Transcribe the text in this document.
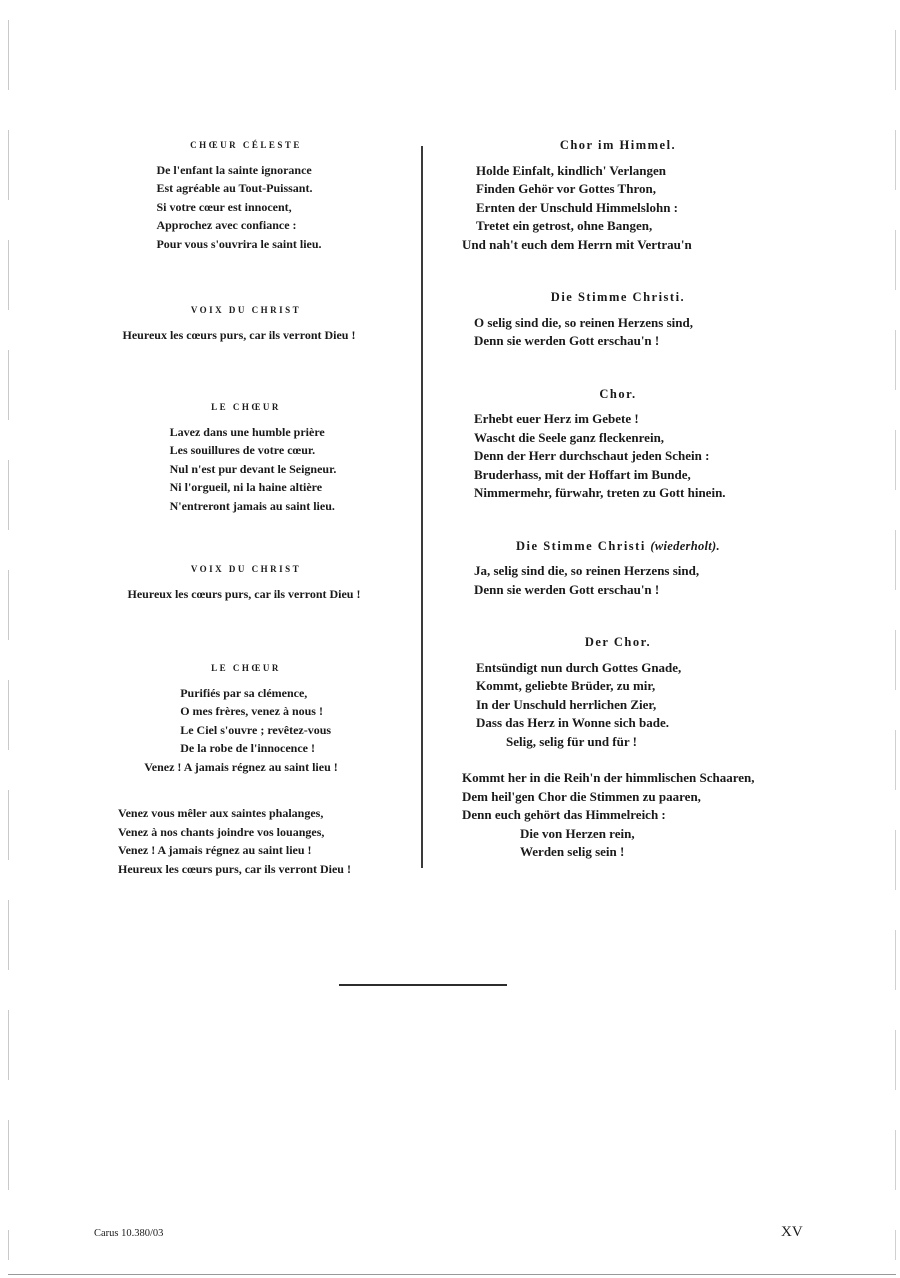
CHŒUR CÉLESTE
De l'enfant la sainte ignorance
Est agréable au Tout-Puissant.
Si votre cœur est innocent,
Approchez avec confiance :
Pour vous s'ouvrira le saint lieu.
VOIX DU CHRIST
Heureux les cœurs purs, car ils verront Dieu !
LE CHŒUR
Lavez dans une humble prière
Les souillures de votre cœur.
Nul n'est pur devant le Seigneur.
Ni l'orgueil, ni la haine altière
N'entreront jamais au saint lieu.
VOIX DU CHRIST
Heureux les cœurs purs, car ils verront Dieu !
LE CHŒUR
Purifiés par sa clémence,
O mes frères, venez à nous !
Le Ciel s'ouvre ; revêtez-vous
De la robe de l'innocence !
Venez ! A jamais régnez au saint lieu !
Venez vous mêler aux saintes phalanges,
Venez à nos chants joindre vos louanges,
Venez ! A jamais régnez au saint lieu !
Heureux les cœurs purs, car ils verront Dieu !
Chor im Himmel.
Holde Einfalt, kindlich' Verlangen
Finden Gehör vor Gottes Thron,
Ernten der Unschuld Himmelslohn :
Tretet ein getrost, ohne Bangen,
Und nah't euch dem Herrn mit Vertrau'n
Die Stimme Christi.
O selig sind die, so reinen Herzens sind,
Denn sie werden Gott erschau'n !
Chor.
Erhebt euer Herz im Gebete !
Wascht die Seele ganz fleckenrein,
Denn der Herr durchschaut jeden Schein :
Bruderhass, mit der Hoffart im Bunde,
Nimmermehr, fürwahr, treten zu Gott hinein.
Die Stimme Christi (wiederholt).
Ja, selig sind die, so reinen Herzens sind,
Denn sie werden Gott erschau'n !
Der Chor.
Entsündigt nun durch Gottes Gnade,
Kommt, geliebte Brüder, zu mir,
In der Unschuld herrlichen Zier,
Dass das Herz in Wonne sich bade.
Selig, selig für und für !
Kommt her in die Reih'n der himmlischen Schaaren,
Dem heil'gen Chor die Stimmen zu paaren,
Denn euch gehört das Himmelreich :
Die von Herzen rein,
Werden selig sein !
Carus 10.380/03	XV
